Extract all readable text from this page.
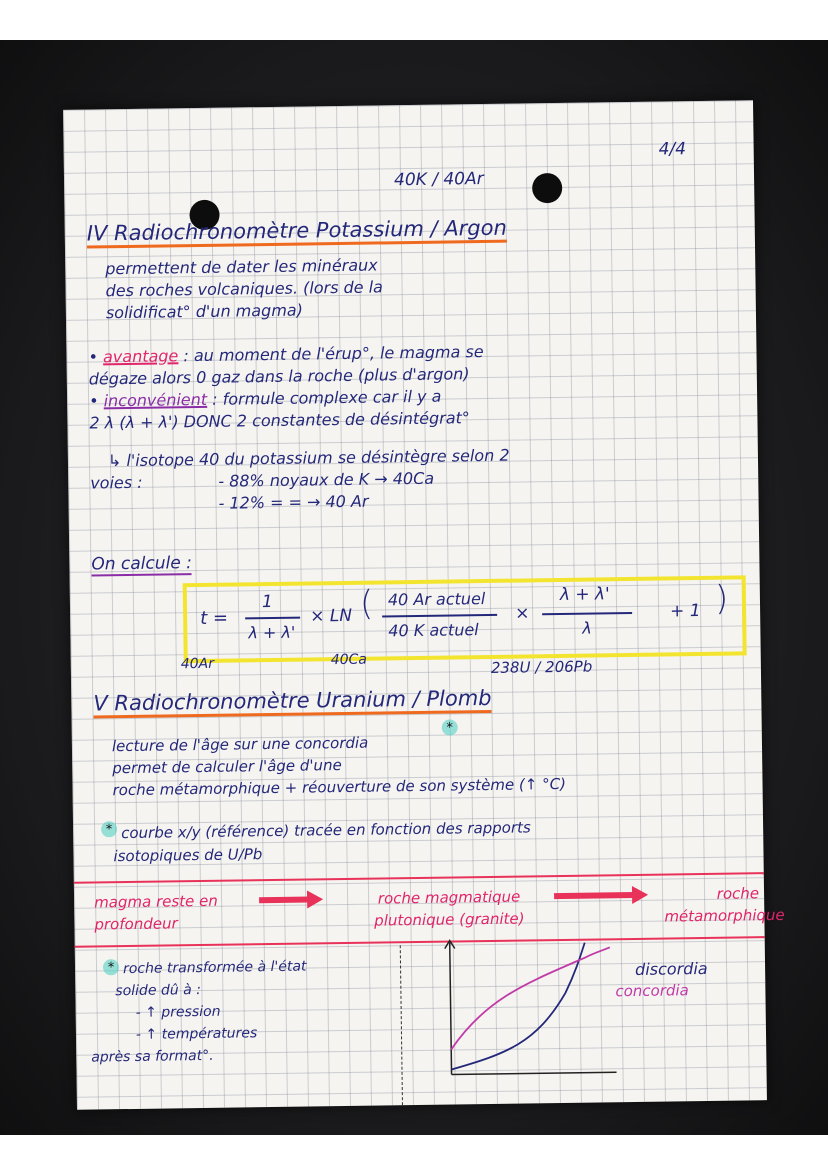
4/4
40K / 40Ar
IV Radiochronomètre Potassium / Argon
permettent de dater les minéraux
des roches volcaniques. (lors de la
solidificat° d'un magma)
• avantage : au moment de l'érup°, le magma se
dégaze alors 0 gaz dans la roche (plus d'argon)
• inconvénient : formule complexe car il y a
2 λ (λ + λ') DONC 2 constantes de désintégrat°
↳ l'isotope 40 du potassium se désintègre selon 2
voies :	- 88% noyaux de K → 40Ca
- 12% = = → 40 Ar
On calcule :
t =
1
λ + λ'
× LN ( 40 Ar actuel
40 K actuel
×
λ + λ'
λ
+ 1 )
40Ar	40Ca	238U / 206Pb
V Radiochronomètre Uranium / Plomb
lecture de l'âge sur une concordia
permet de calculer l'âge d'une
roche métamorphique + réouverture de son système (↑ °C)
*
* courbe x/y (référence) tracée en fonction des rapports
isotopiques de U/Pb
magma reste en profondeur
roche magmatique plutonique (granite)
roche métamorphique
* roche transformée à l'état
solide dû à :
- ↑ pression
- ↑ températures
après sa format°.
discordia
concordia
